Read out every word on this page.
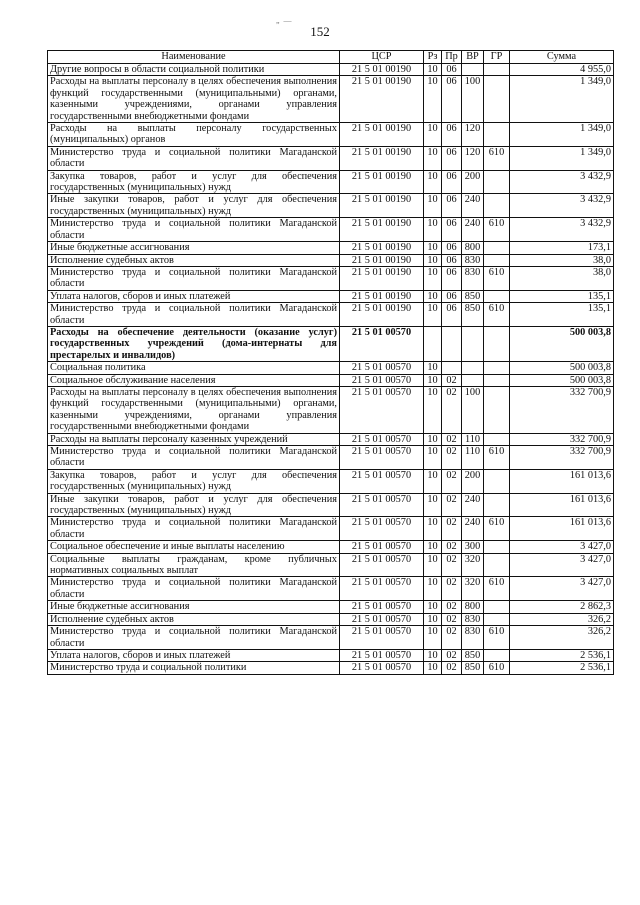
„ —
152
Наименование	ЦСР	Рз	Пр	ВР	ГР	Сумма
Другие вопросы в области социальной политики	21 5 01 00190	10	06			4 955,0
Расходы на выплаты персоналу в целях обеспечения выполнения функций государственными (муниципальными) органами, казенными учреждениями, органами управления государственными внебюджетными фондами	21 5 01 00190	10	06	100		1 349,0
Расходы на выплаты персоналу государственных (муниципальных) органов	21 5 01 00190	10	06	120		1 349,0
Министерство труда и социальной политики Магаданской области	21 5 01 00190	10	06	120	610	1 349,0
Закупка товаров, работ и услуг для обеспечения государственных (муниципальных) нужд	21 5 01 00190	10	06	200		3 432,9
Иные закупки товаров, работ и услуг для обеспечения государственных (муниципальных) нужд	21 5 01 00190	10	06	240		3 432,9
Министерство труда и социальной политики Магаданской области	21 5 01 00190	10	06	240	610	3 432,9
Иные бюджетные ассигнования	21 5 01 00190	10	06	800		173,1
Исполнение судебных актов	21 5 01 00190	10	06	830		38,0
Министерство труда и социальной политики Магаданской области	21 5 01 00190	10	06	830	610	38,0
Уплата налогов, сборов и иных платежей	21 5 01 00190	10	06	850		135,1
Министерство труда и социальной политики Магаданской области	21 5 01 00190	10	06	850	610	135,1
Расходы на обеспечение деятельности (оказание услуг) государственных учреждений (дома-интернаты для престарелых и инвалидов)	21 5 01 00570					500 003,8
Социальная политика	21 5 01 00570	10				500 003,8
Социальное обслуживание населения	21 5 01 00570	10	02			500 003,8
Расходы на выплаты персоналу в целях обеспечения выполнения функций государственными (муниципальными) органами, казенными учреждениями, органами управления государственными внебюджетными фондами	21 5 01 00570	10	02	100		332 700,9
Расходы на выплаты персоналу казенных учреждений	21 5 01 00570	10	02	110		332 700,9
Министерство труда и социальной политики Магаданской области	21 5 01 00570	10	02	110	610	332 700,9
Закупка товаров, работ и услуг для обеспечения государственных (муниципальных) нужд	21 5 01 00570	10	02	200		161 013,6
Иные закупки товаров, работ и услуг для обеспечения государственных (муниципальных) нужд	21 5 01 00570	10	02	240		161 013,6
Министерство труда и социальной политики Магаданской области	21 5 01 00570	10	02	240	610	161 013,6
Социальное обеспечение и иные выплаты населению	21 5 01 00570	10	02	300		3 427,0
Социальные выплаты гражданам, кроме публичных нормативных социальных выплат	21 5 01 00570	10	02	320		3 427,0
Министерство труда и социальной политики Магаданской области	21 5 01 00570	10	02	320	610	3 427,0
Иные бюджетные ассигнования	21 5 01 00570	10	02	800		2 862,3
Исполнение судебных актов	21 5 01 00570	10	02	830		326,2
Министерство труда и социальной политики Магаданской области	21 5 01 00570	10	02	830	610	326,2
Уплата налогов, сборов и иных платежей	21 5 01 00570	10	02	850		2 536,1
Министерство труда и социальной политики	21 5 01 00570	10	02	850	610	2 536,1
